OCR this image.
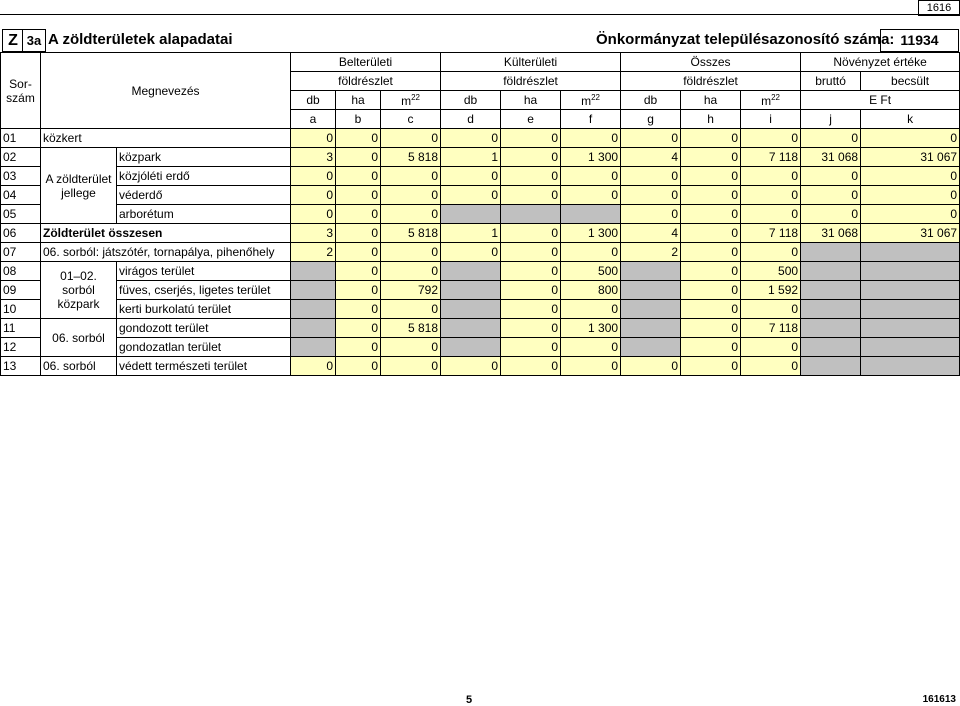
1616
Z 3a A zöldterületek alapadatai	Önkormányzat településazonosító száma: 11934
Sor-szám	Megnevezés		Belterületi			Külterületi			Összes			Növényzet értéke	
			földrészlet			földrészlet			földrészlet			bruttó	becsült
			db	ha	$m^{22}$	db	ha	$m^{22}$	db	ha	$m^{22}$	E Ft	
			a	b	c	d	e	f	g	h	i	j	k
01	közkert		0	0	0	0	0	0	0	0	0	0	0
02	A zöldterület jellege	közpark	3	0	5 818	1	0	1 300	4	0	7 118	31 068	31 067
03		közjóléti erdő	0	0	0	0	0	0	0	0	0	0	0
04		véderdő	0	0	0	0	0	0	0	0	0	0	0
05		arborétum	0	0	0				0	0	0	0	0
06	Zöldterület összesen		3	0	5 818	1	0	1 300	4	0	7 118	31 068	31 067
07	06. sorból: játszótér, tornapálya, pihenőhely		2	0	0	0	0	0	2	0	0		
08	01–02. sorból közpark	virágos terület		0	0		0	500		0	500		
09		füves, cserjés, ligetes terület		0	792		0	800		0	1 592		
10		kerti burkolatú terület		0	0		0	0		0	0		
11	06. sorból	gondozott terület		0	5 818		0	1 300		0	7 118		
12		gondozatlan terület		0	0		0	0		0	0		
13	06. sorból	védett természeti terület	0	0	0	0	0	0	0	0	0		
5	161613
